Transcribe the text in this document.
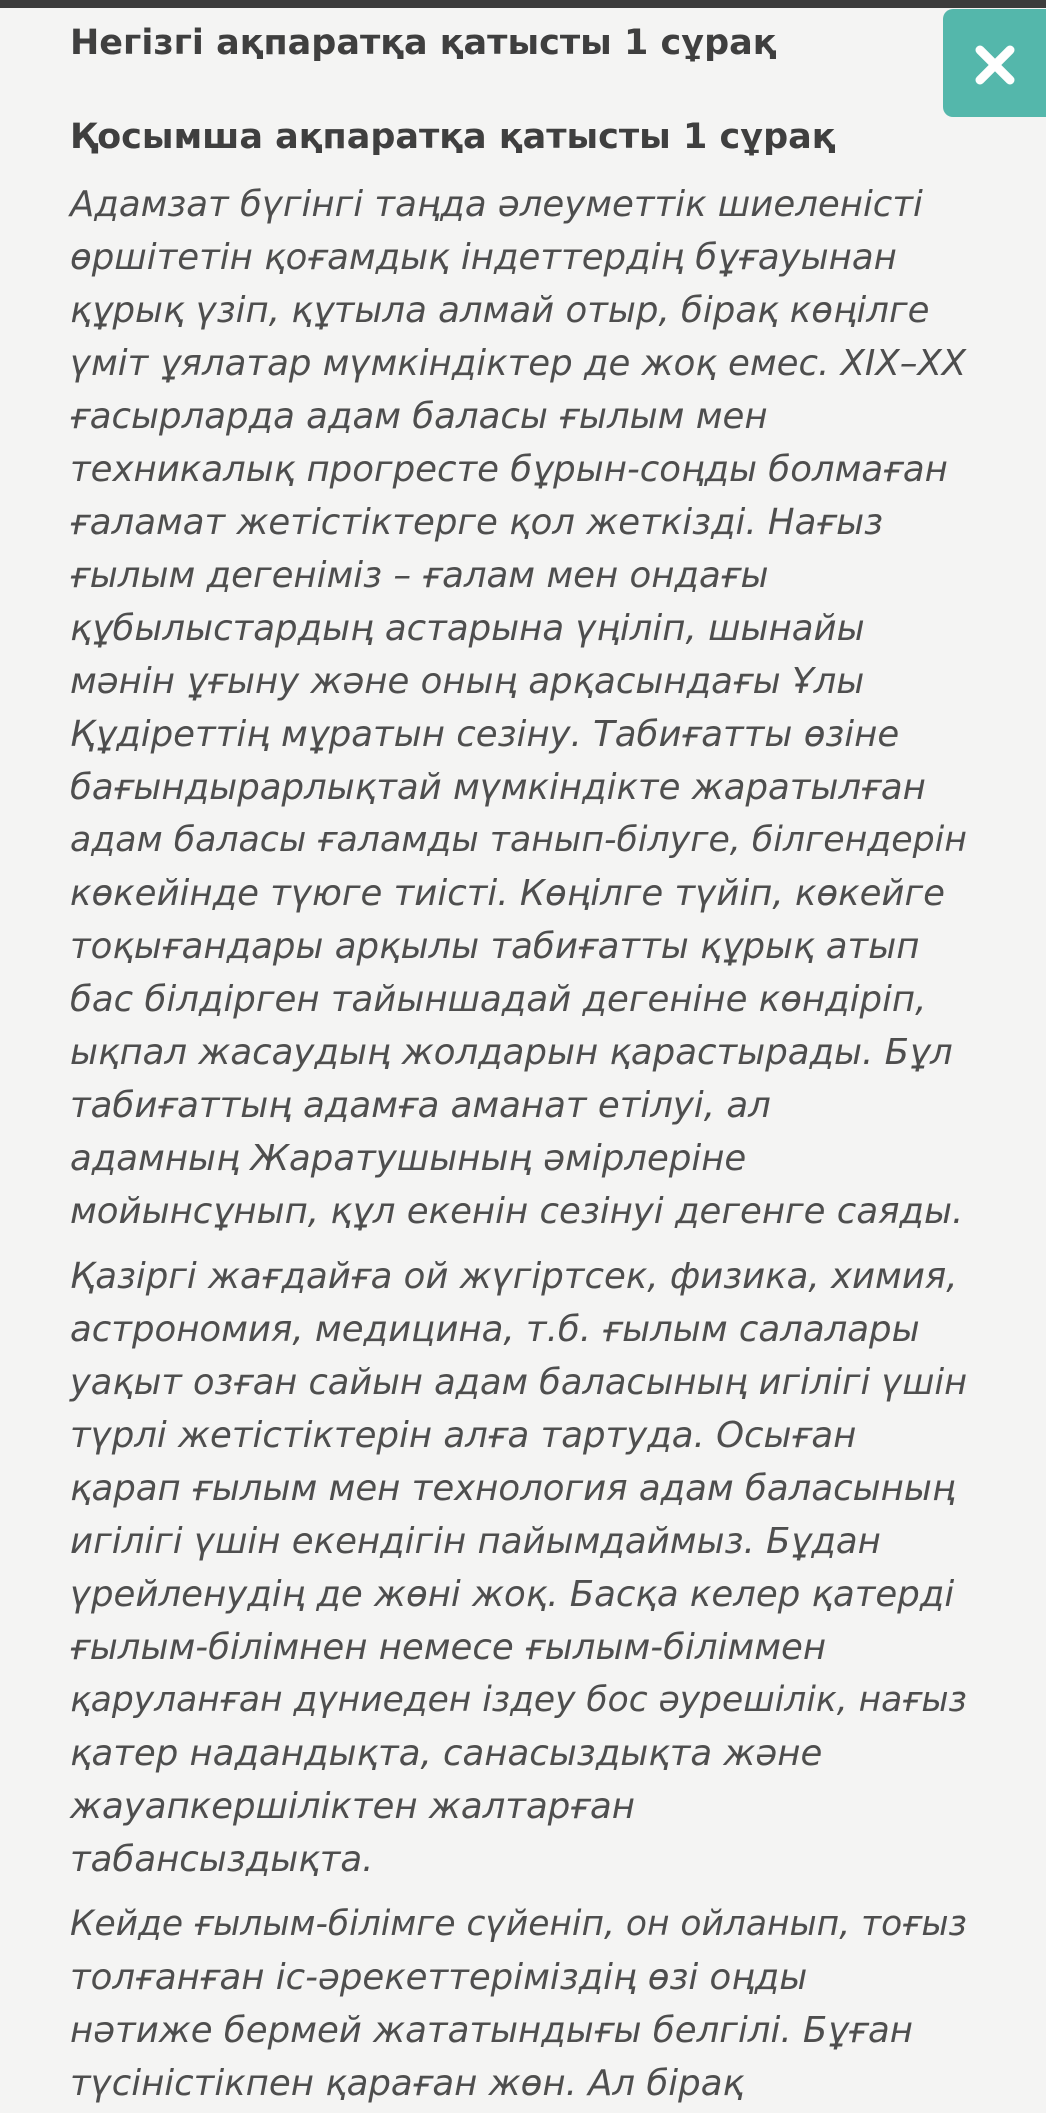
Негізгі ақпаратқа қатысты 1 сұрақ
Қосымша ақпаратқа қатысты 1 сұрақ
Адамзат бүгінгі таңда әлеуметтік шиеленісті
өршітетін қоғамдық індеттердің бұғауынан
құрық үзіп, құтыла алмай отыр, бірақ көңілге
үміт ұялатар мүмкіндіктер де жоқ емес. ХІХ–ХХ
ғасырларда адам баласы ғылым мен
техникалық прогресте бұрын-соңды болмаған
ғаламат жетістіктерге қол жеткізді. Нағыз
ғылым дегеніміз – ғалам мен ондағы
құбылыстардың астарына үңіліп, шынайы
мәнін ұғыну және оның арқасындағы Ұлы
Құдіреттің мұратын сезіну. Табиғатты өзіне
бағындырарлықтай мүмкіндікте жаратылған
адам баласы ғаламды танып-білуге, білгендерін
көкейінде түюге тиісті. Көңілге түйіп, көкейге
тоқығандары арқылы табиғатты құрық атып
бас білдірген тайыншадай дегеніне көндіріп,
ықпал жасаудың жолдарын қарастырады. Бұл
табиғаттың адамға аманат етілуі, ал
адамның Жаратушының әмірлеріне
мойынсұнып, құл екенін сезінуі дегенге саяды.
Қазіргі жағдайға ой жүгіртсек, физика, химия,
астрономия, медицина, т.б. ғылым салалары
уақыт озған сайын адам баласының игілігі үшін
түрлі жетістіктерін алға тартуда. Осыған
қарап ғылым мен технология адам баласының
игілігі үшін екендігін пайымдаймыз. Бұдан
үрейленудің де жөні жоқ. Басқа келер қатерді
ғылым-білімнен немесе ғылым-біліммен
қаруланған дүниеден іздеу бос әурешілік, нағыз
қатер надандықта, санасыздықта және
жауапкершіліктен жалтарған
табансыздықта.
Кейде ғылым-білімге сүйеніп, он ойланып, тоғыз
толғанған іс-әрекеттеріміздің өзі оңды
нәтиже бермей жататындығы белгілі. Бұған
түсіністікпен қараған жөн. Ал бірақ
